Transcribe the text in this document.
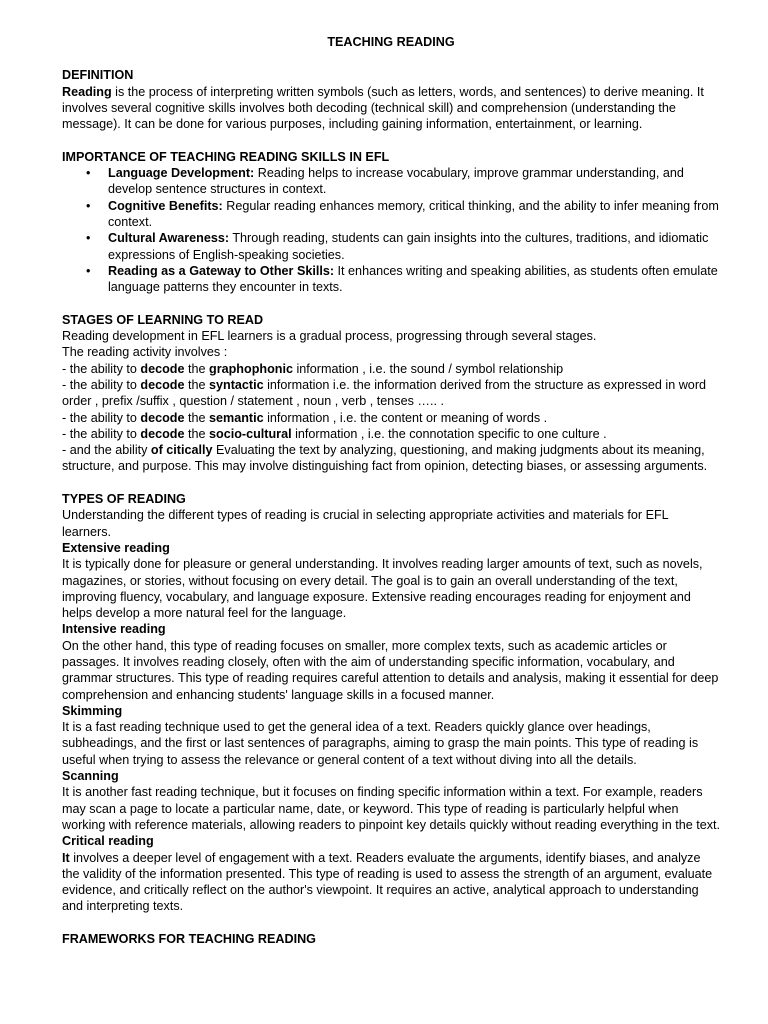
TEACHING READING
DEFINITION

Reading is the process of interpreting written symbols (such as letters, words, and sentences) to derive meaning. It involves several cognitive skills involves both decoding (technical skill) and comprehension (understanding the message). It can be done for various purposes, including gaining information, entertainment, or learning.

IMPORTANCE OF TEACHING READING SKILLS IN EFL
• Language Development: Reading helps to increase vocabulary, improve grammar understanding, and develop sentence structures in context.
• Cognitive Benefits: Regular reading enhances memory, critical thinking, and the ability to infer meaning from context.
• Cultural Awareness: Through reading, students can gain insights into the cultures, traditions, and idiomatic expressions of English-speaking societies.
• Reading as a Gateway to Other Skills: It enhances writing and speaking abilities, as students often emulate language patterns they encounter in texts.
STAGES OF LEARNING TO READ

Reading development in EFL learners is a gradual process, progressing through several stages.

The reading activity involves :

- the ability to decode the graphophonic information , i.e. the sound / symbol relationship

- the ability to decode the syntactic information i.e. the information derived from the structure as expressed in word order , prefix /suffix , question / statement , noun , verb , tenses ….. .

- the ability to decode the semantic information , i.e. the content or meaning of words .

- the ability to decode the socio-cultural information , i.e. the connotation specific to one culture .

- and the ability of citically Evaluating the text by analyzing, questioning, and making judgments about its meaning, structure, and purpose. This may involve distinguishing fact from opinion, detecting biases, or assessing arguments.

TYPES OF READING

Understanding the different types of reading is crucial in selecting appropriate activities and materials for EFL learners.

Extensive reading

It is typically done for pleasure or general understanding. It involves reading larger amounts of text, such as novels, magazines, or stories, without focusing on every detail. The goal is to gain an overall understanding of the text, improving fluency, vocabulary, and language exposure. Extensive reading encourages reading for enjoyment and helps develop a more natural feel for the language.

Intensive reading

On the other hand, this type of reading focuses on smaller, more complex texts, such as academic articles or passages. It involves reading closely, often with the aim of understanding specific information, vocabulary, and grammar structures. This type of reading requires careful attention to details and analysis, making it essential for deep comprehension and enhancing students' language skills in a focused manner.

Skimming

It is a fast reading technique used to get the general idea of a text. Readers quickly glance over headings, subheadings, and the first or last sentences of paragraphs, aiming to grasp the main points. This type of reading is useful when trying to assess the relevance or general content of a text without diving into all the details.

Scanning

It is another fast reading technique, but it focuses on finding specific information within a text. For example, readers may scan a page to locate a particular name, date, or keyword. This type of reading is particularly helpful when working with reference materials, allowing readers to pinpoint key details quickly without reading everything in the text.

Critical reading

It involves a deeper level of engagement with a text. Readers evaluate the arguments, identify biases, and analyze the validity of the information presented. This type of reading is used to assess the strength of an argument, evaluate evidence, and critically reflect on the author's viewpoint. It requires an active, analytical approach to understanding and interpreting texts.

FRAMEWORKS FOR TEACHING READING
